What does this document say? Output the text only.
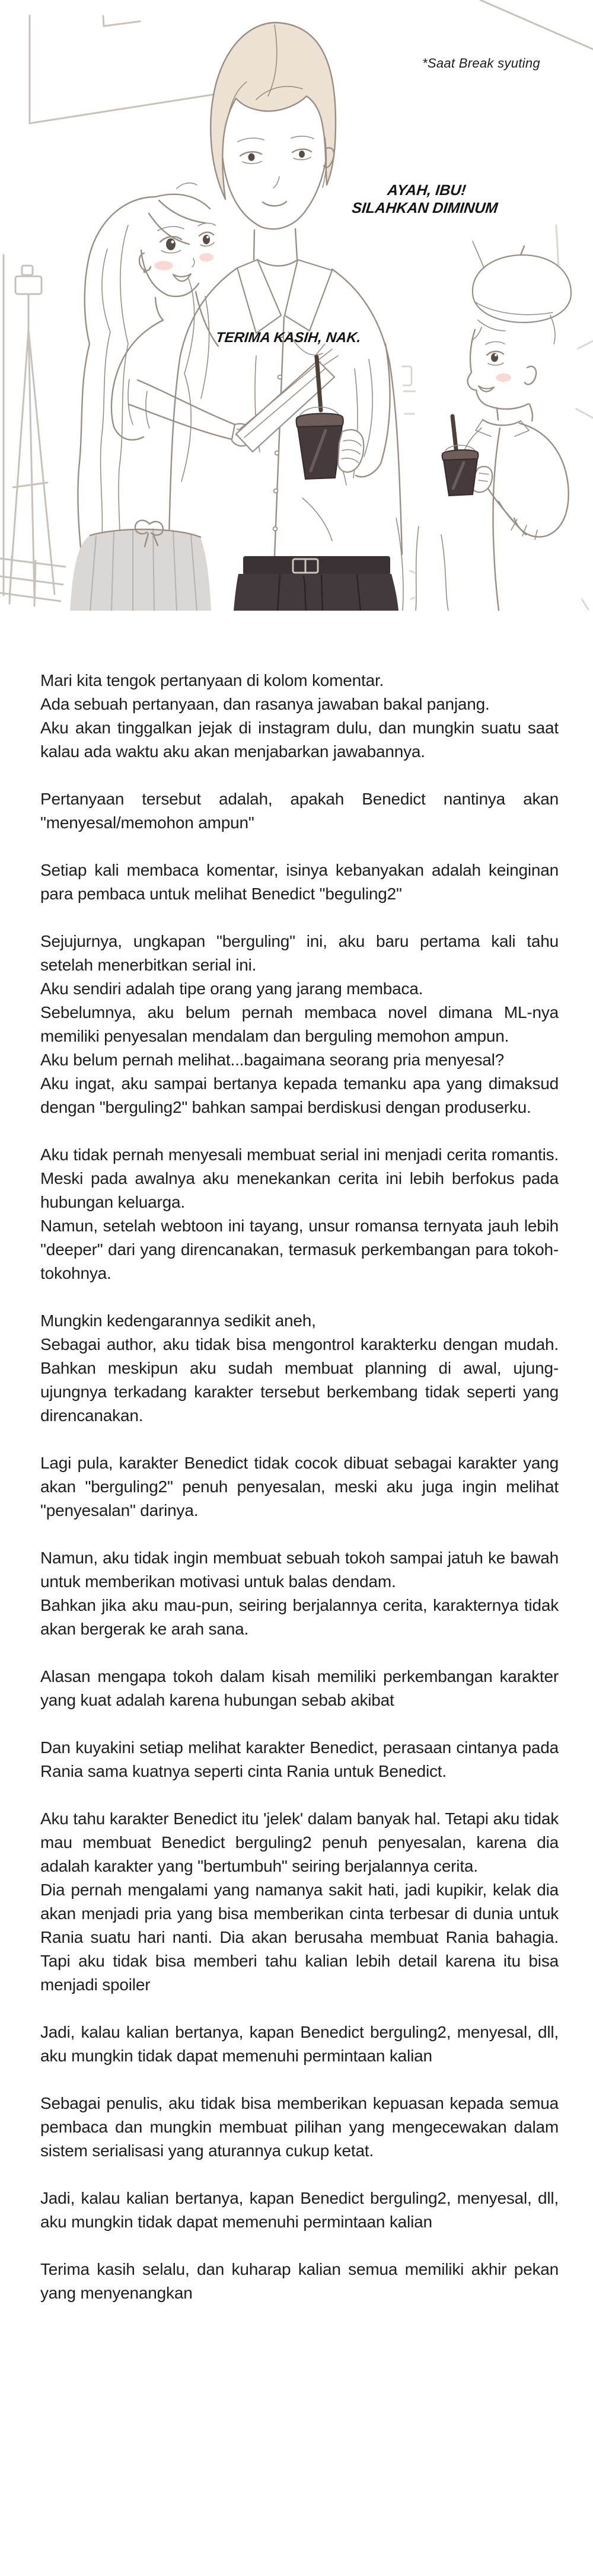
*Saat Break syuting
AYAH, IBU!
SILAHKAN DIMINUM
TERIMA KASIH, NAK.
Mari kita tengok pertanyaan di kolom komentar.
Ada sebuah pertanyaan, dan rasanya jawaban bakal panjang.
Aku akan tinggalkan jejak di instagram dulu, dan mungkin suatu saat kalau ada waktu aku akan menjabarkan jawabannya.
Pertanyaan tersebut adalah, apakah Benedict nantinya akan "menyesal/memohon ampun"
Setiap kali membaca komentar, isinya kebanyakan adalah keinginan para pembaca untuk melihat Benedict "beguling2"
Sejujurnya, ungkapan "berguling" ini, aku baru pertama kali tahu setelah menerbitkan serial ini.
Aku sendiri adalah tipe orang yang jarang membaca.
Sebelumnya, aku belum pernah membaca novel dimana ML-nya memiliki penyesalan mendalam dan berguling memohon ampun.
Aku belum pernah melihat...bagaimana seorang pria menyesal?
Aku ingat, aku sampai bertanya kepada temanku apa yang dimaksud dengan "berguling2" bahkan sampai berdiskusi dengan produserku.
Aku tidak pernah menyesali membuat serial ini menjadi cerita romantis. Meski pada awalnya aku menekankan cerita ini lebih berfokus pada hubungan keluarga.
Namun, setelah webtoon ini tayang, unsur romansa ternyata jauh lebih "deeper" dari yang direncanakan, termasuk perkembangan para tokoh-tokohnya.
Mungkin kedengarannya sedikit aneh,
Sebagai author, aku tidak bisa mengontrol karakterku dengan mudah. Bahkan meskipun aku sudah membuat planning di awal, ujung-ujungnya terkadang karakter tersebut berkembang tidak seperti yang direncanakan.
Lagi pula, karakter Benedict tidak cocok dibuat sebagai karakter yang akan "berguling2" penuh penyesalan, meski aku juga ingin melihat "penyesalan" darinya.
Namun, aku tidak ingin membuat sebuah tokoh sampai jatuh ke bawah untuk memberikan motivasi untuk balas dendam.
Bahkan jika aku mau-pun, seiring berjalannya cerita, karakternya tidak akan bergerak ke arah sana.
Alasan mengapa tokoh dalam kisah memiliki perkembangan karakter yang kuat adalah karena hubungan sebab akibat
Dan kuyakini setiap melihat karakter Benedict, perasaan cintanya pada Rania sama kuatnya seperti cinta Rania untuk Benedict.
Aku tahu karakter Benedict itu 'jelek' dalam banyak hal. Tetapi aku tidak mau membuat Benedict berguling2 penuh penyesalan, karena dia adalah karakter yang "bertumbuh" seiring berjalannya cerita.
Dia pernah mengalami yang namanya sakit hati, jadi kupikir, kelak dia akan menjadi pria yang bisa memberikan cinta terbesar di dunia untuk Rania suatu hari nanti. Dia akan berusaha membuat Rania bahagia. Tapi aku tidak bisa memberi tahu kalian lebih detail karena itu bisa menjadi spoiler
Jadi, kalau kalian bertanya, kapan Benedict berguling2, menyesal, dll, aku mungkin tidak dapat memenuhi permintaan kalian
Sebagai penulis, aku tidak bisa memberikan kepuasan kepada semua pembaca dan mungkin membuat pilihan yang mengecewakan dalam sistem serialisasi yang aturannya cukup ketat.
Jadi, kalau kalian bertanya, kapan Benedict berguling2, menyesal, dll, aku mungkin tidak dapat memenuhi permintaan kalian
Terima kasih selalu, dan kuharap kalian semua memiliki akhir pekan yang menyenangkan
